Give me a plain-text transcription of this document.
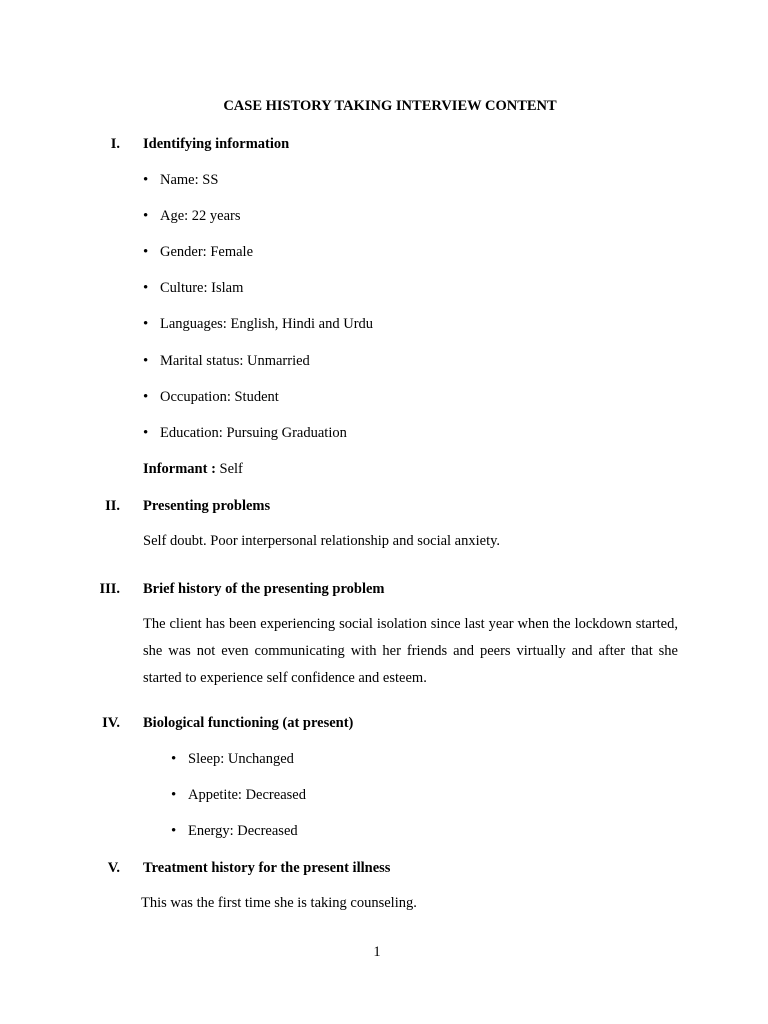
CASE HISTORY TAKING INTERVIEW CONTENT
I. Identifying information
• Name: SS
• Age: 22 years
• Gender: Female
• Culture: Islam
• Languages: English, Hindi and Urdu
• Marital status: Unmarried
• Occupation: Student
• Education: Pursuing Graduation
Informant : Self
II. Presenting problems
Self doubt. Poor interpersonal relationship and social anxiety.
III. Brief history of the presenting problem
The client has been experiencing social isolation since last year when the lockdown started, she was not even communicating with her friends and peers virtually and after that she started to experience self confidence and esteem.
IV. Biological functioning (at present)
• Sleep: Unchanged
• Appetite: Decreased
• Energy: Decreased
V. Treatment history for the present illness
This was the first time she is taking counseling.
1
